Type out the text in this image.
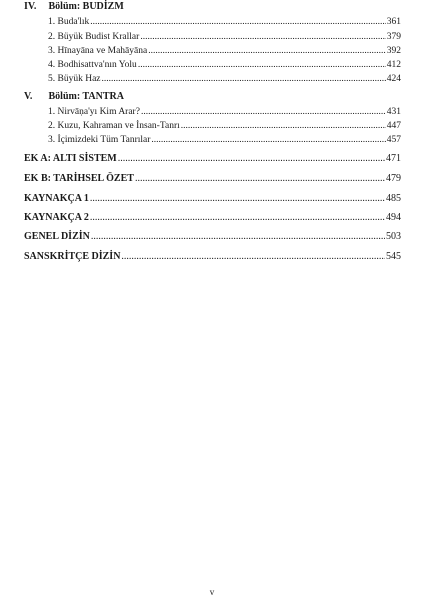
IV. Bölüm: BUDİZM
1. Buda'lık .....	361
2. Büyük Budist Krallar .....	379
3. Hīnayāna ve Mahāyāna .....	392
4. Bodhisattva'nın Yolu .....	412
5. Büyük Haz .....	424
V. Bölüm: TANTRA
1. Nirvāṇa'yı Kim Arar? .....	431
2. Kuzu, Kahraman ve İnsan-Tanrı .....	447
3. İçimizdeki Tüm Tanrılar .....	457
EK A: ALTI SİSTEM .....	471
EK B: TARİHSEL ÖZET .....	479
KAYNAKÇA 1 .....	485
KAYNAKÇA 2 .....	494
GENEL DİZİN .....	503
SANSKRİTÇE DİZİN .....	545
v
